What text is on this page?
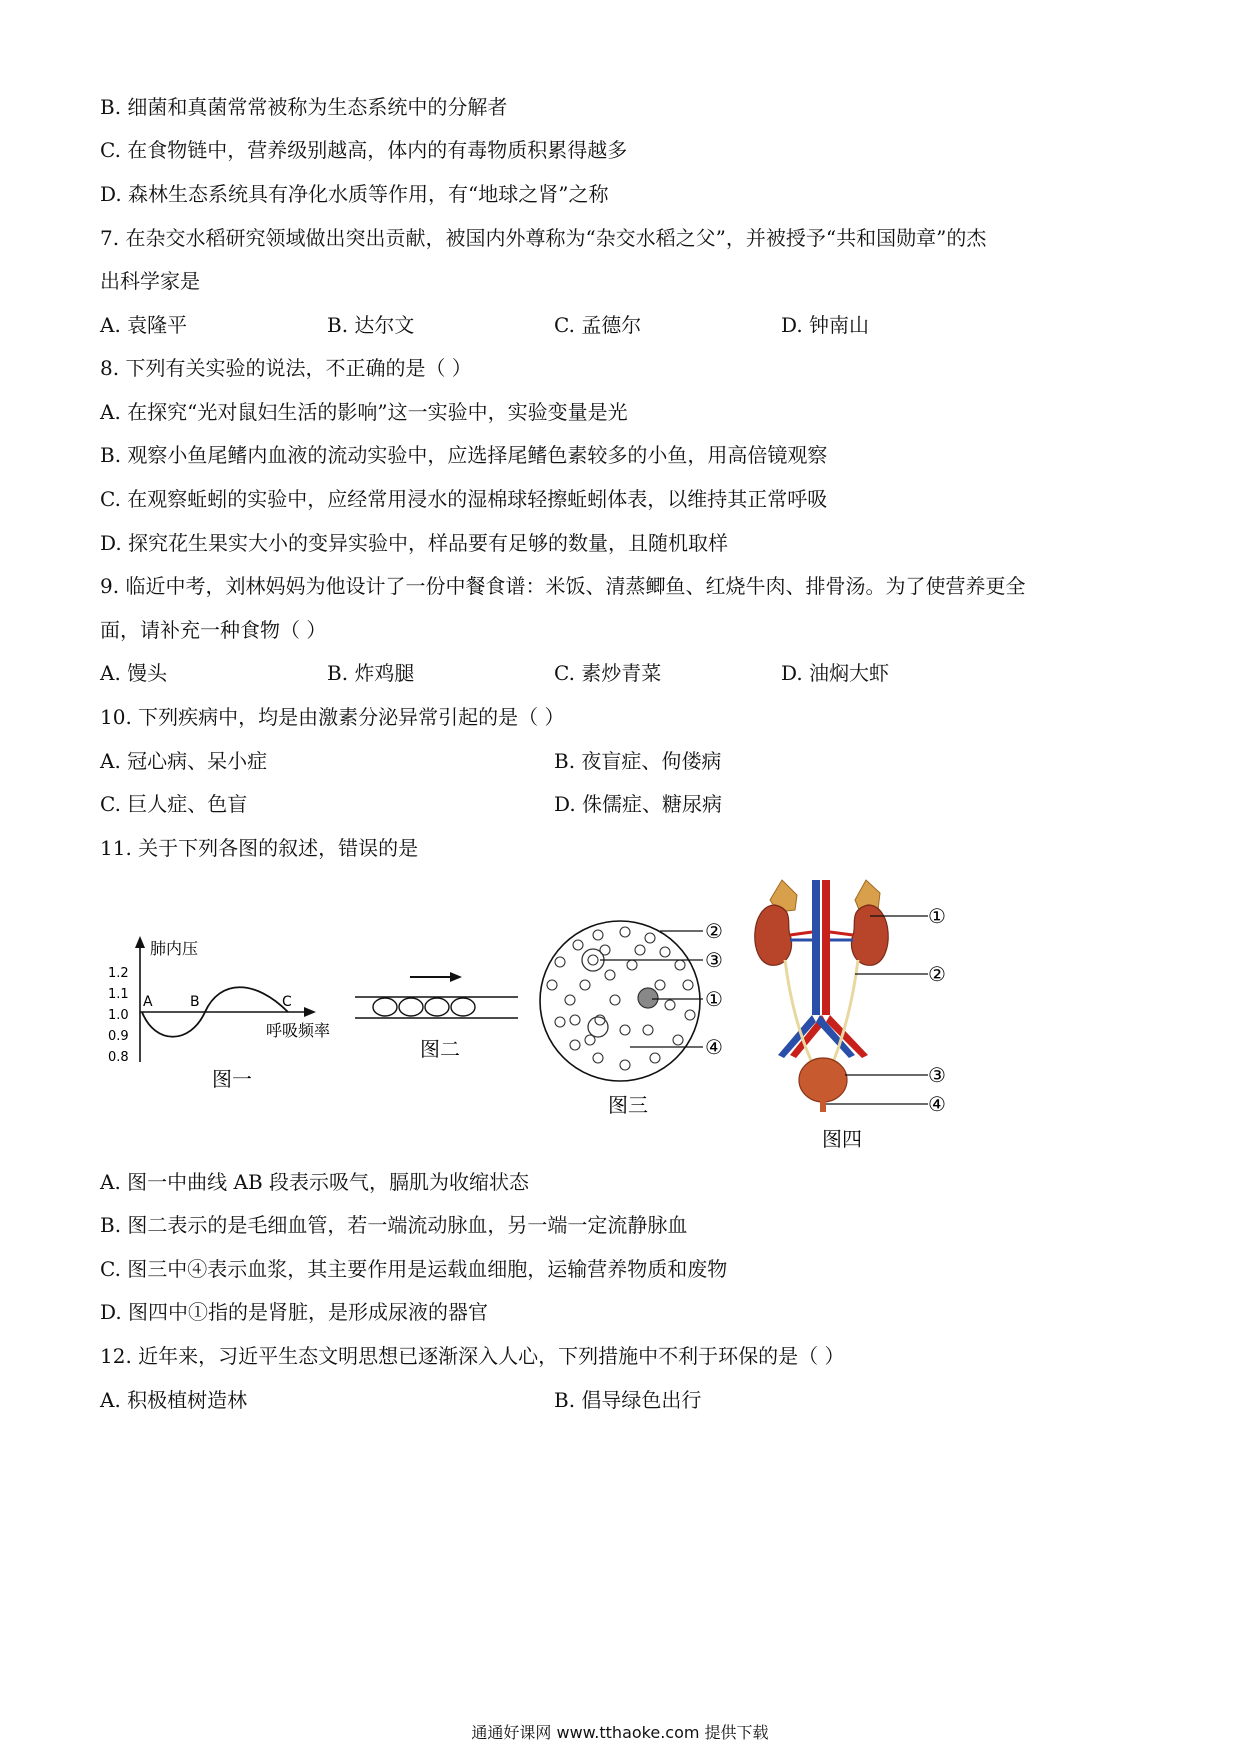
B. 细菌和真菌常常被称为生态系统中的分解者
C. 在食物链中，营养级别越高，体内的有毒物质积累得越多
D. 森林生态系统具有净化水质等作用，有“地球之肾”之称
7. 在杂交水稻研究领域做出突出贡献，被国内外尊称为“杂交水稻之父”，并被授予“共和国勋章”的杰
出科学家是
A. 袁隆平	B. 达尔文	C. 孟德尔	D. 钟南山
8. 下列有关实验的说法，不正确的是（ ）
A. 在探究“光对鼠妇生活的影响”这一实验中，实验变量是光
B. 观察小鱼尾鳍内血液的流动实验中，应选择尾鳍色素较多的小鱼，用高倍镜观察
C. 在观察蚯蚓的实验中，应经常用浸水的湿棉球轻擦蚯蚓体表，以维持其正常呼吸
D. 探究花生果实大小的变异实验中，样品要有足够的数量，且随机取样
9. 临近中考，刘林妈妈为他设计了一份中餐食谱：米饭、清蒸鲫鱼、红烧牛肉、排骨汤。为了使营养更全
面，请补充一种食物（ ）
A. 馒头	B. 炸鸡腿	C. 素炒青菜	D. 油焖大虾
10. 下列疾病中，均是由激素分泌异常引起的是（ ）
A. 冠心病、呆小症	B. 夜盲症、佝偻病
C. 巨人症、色盲	D. 侏儒症、糖尿病
11. 关于下列各图的叙述，错误的是
肺内压
1.2
1.1
1.0
0.9
0.8
A	B	C
呼吸频率
图一
图二
②
③
①
④
图三
①
②
③
④
图四
A. 图一中曲线 AB 段表示吸气，膈肌为收缩状态
B. 图二表示的是毛细血管，若一端流动脉血，另一端一定流静脉血
C. 图三中④表示血浆，其主要作用是运载血细胞，运输营养物质和废物
D. 图四中①指的是肾脏，是形成尿液的器官
12. 近年来，习近平生态文明思想已逐渐深入人心，下列措施中不利于环保的是（ ）
A. 积极植树造林	B. 倡导绿色出行
通通好课网 www.tthaoke.com 提供下载
